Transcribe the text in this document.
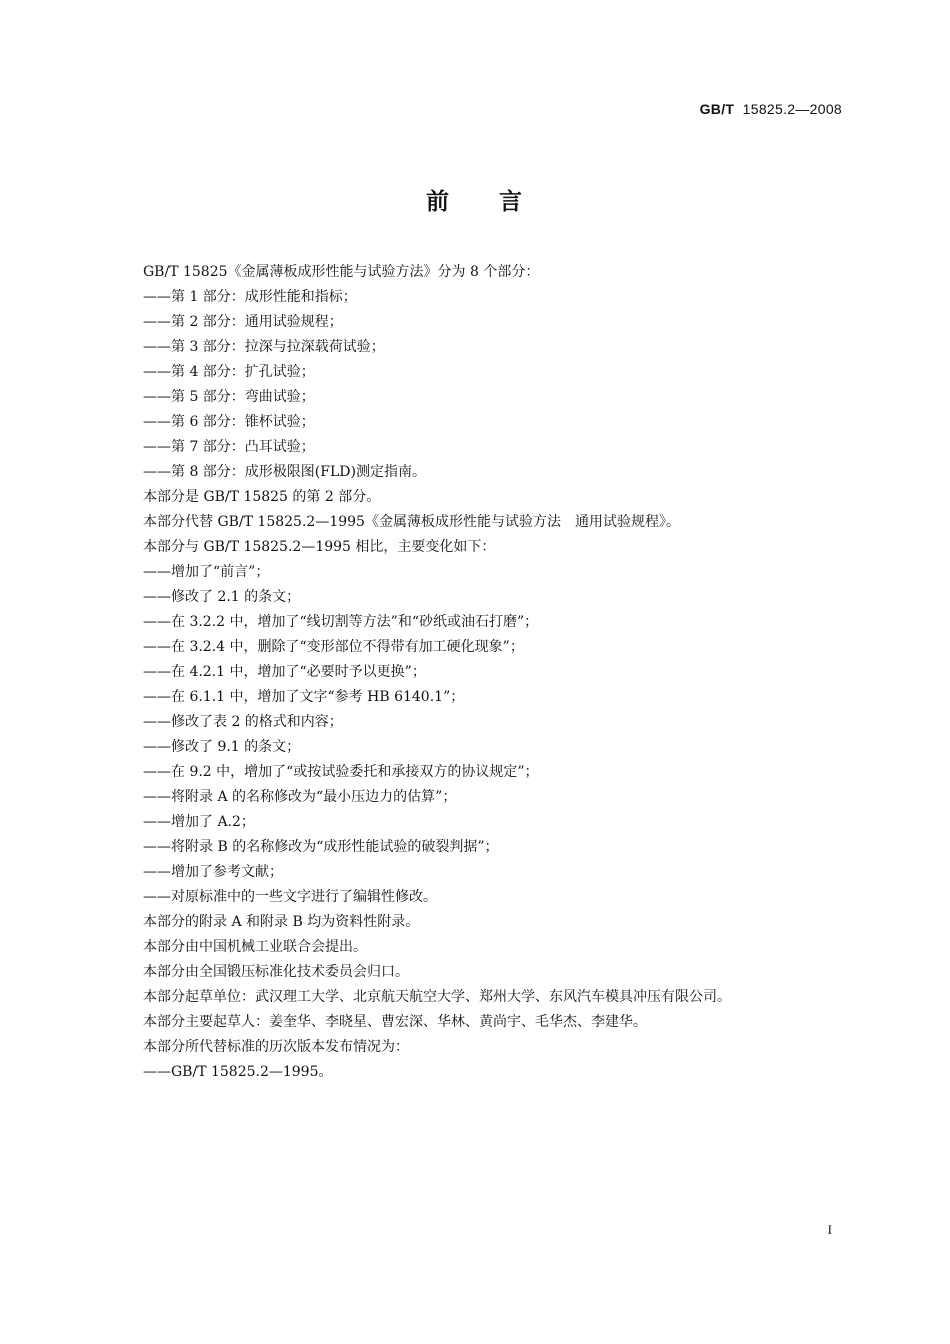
GB/T 15825.2—2008
前 言
GB/T 15825《金属薄板成形性能与试验方法》分为 8 个部分：
——第 1 部分：成形性能和指标；
——第 2 部分：通用试验规程；
——第 3 部分：拉深与拉深载荷试验；
——第 4 部分：扩孔试验；
——第 5 部分：弯曲试验；
——第 6 部分：锥杯试验；
——第 7 部分：凸耳试验；
——第 8 部分：成形极限图(FLD)测定指南。
本部分是 GB/T 15825 的第 2 部分。
本部分代替 GB/T 15825.2—1995《金属薄板成形性能与试验方法　通用试验规程》。
本部分与 GB/T 15825.2—1995 相比，主要变化如下：
——增加了“前言”；
——修改了 2.1 的条文；
——在 3.2.2 中，增加了“线切割等方法”和“砂纸或油石打磨”；
——在 3.2.4 中，删除了“变形部位不得带有加工硬化现象”；
——在 4.2.1 中，增加了“必要时予以更换”；
——在 6.1.1 中，增加了文字“参考 HB 6140.1”；
——修改了表 2 的格式和内容；
——修改了 9.1 的条文；
——在 9.2 中，增加了“或按试验委托和承接双方的协议规定”；
——将附录 A 的名称修改为“最小压边力的估算”；
——增加了 A.2；
——将附录 B 的名称修改为“成形性能试验的破裂判据”；
——增加了参考文献；
——对原标准中的一些文字进行了编辑性修改。
本部分的附录 A 和附录 B 均为资料性附录。
本部分由中国机械工业联合会提出。
本部分由全国锻压标准化技术委员会归口。
本部分起草单位：武汉理工大学、北京航天航空大学、郑州大学、东风汽车模具冲压有限公司。
本部分主要起草人：姜奎华、李晓星、曹宏深、华林、黄尚宇、毛华杰、李建华。
本部分所代替标准的历次版本发布情况为：
——GB/T 15825.2—1995。
I
